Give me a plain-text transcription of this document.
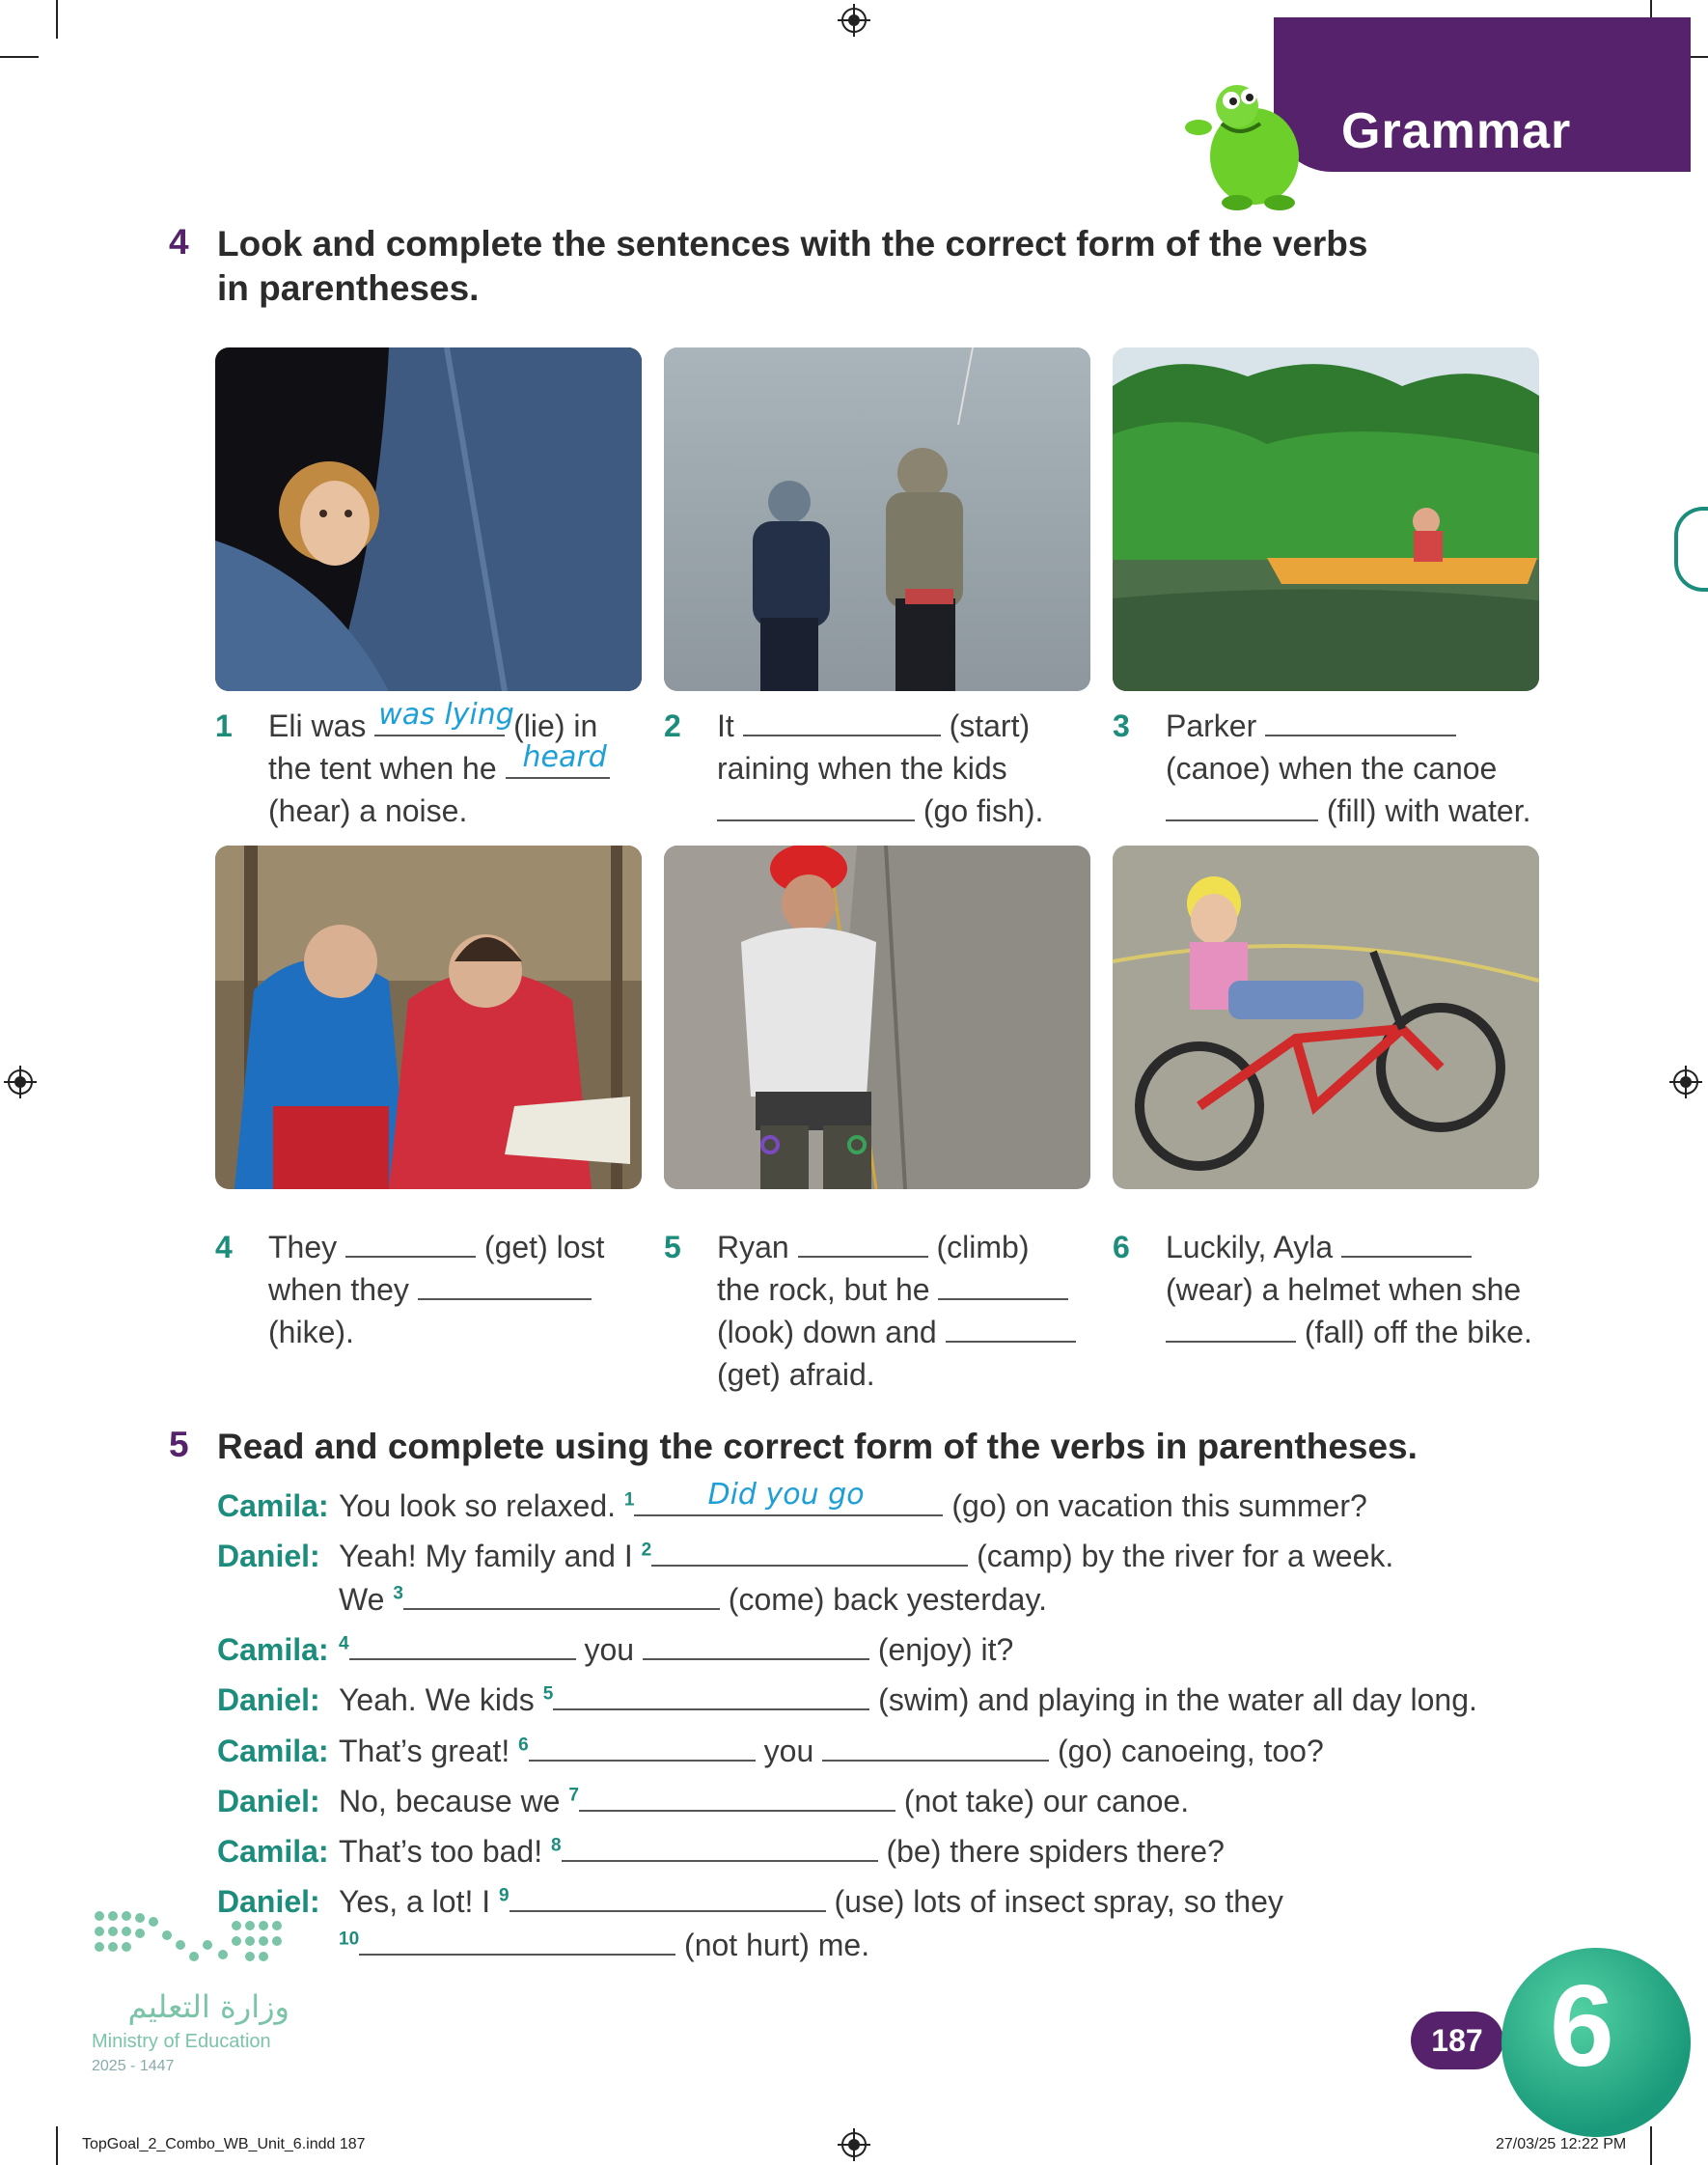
Grammar
4 Look and complete the sentences with the correct form of the verbs
in parentheses.
1 Eli was was lying
(lie) in
the tent when he heard
(hear) a noise.
2 It	(start)
raining when the kids
(go fish).
3 Parker
(canoe) when the canoe
(fill) with water.
4 They	(get) lost
when they
(hike).
5 Ryan	(climb)
the rock, but he
(look) down and
(get) afraid.
6 Luckily, Ayla
(wear) a helmet when she
(fall) off the bike.
5 Read and complete using the correct form of the verbs in parentheses.
Camila: You look so relaxed. $^1$	Did you go	(go) on vacation this summer?
Daniel: Yeah! My family and I $^2$	(camp) by the river for a week.
We $^3$	(come) back yesterday.
Camila: $^4$	you	(enjoy) it?
Daniel: Yeah. We kids $^5$	(swim) and playing in the water all day long.
Camila: That’s great! $^6$	you	(go) canoeing, too?
Daniel: No, because we $^7$	(not take) our canoe.
Camila: That’s too bad! $^8$	(be) there spiders there?
Daniel: Yes, a lot! I $^9$	(use) lots of insect spray, so they
$^{10}$	(not hurt) me.
وزارة التعليم
Ministry of Education
2025 - 1447
187 6
TopGoal_2_Combo_WB_Unit_6.indd 187	27/03/25 12:22 PM
